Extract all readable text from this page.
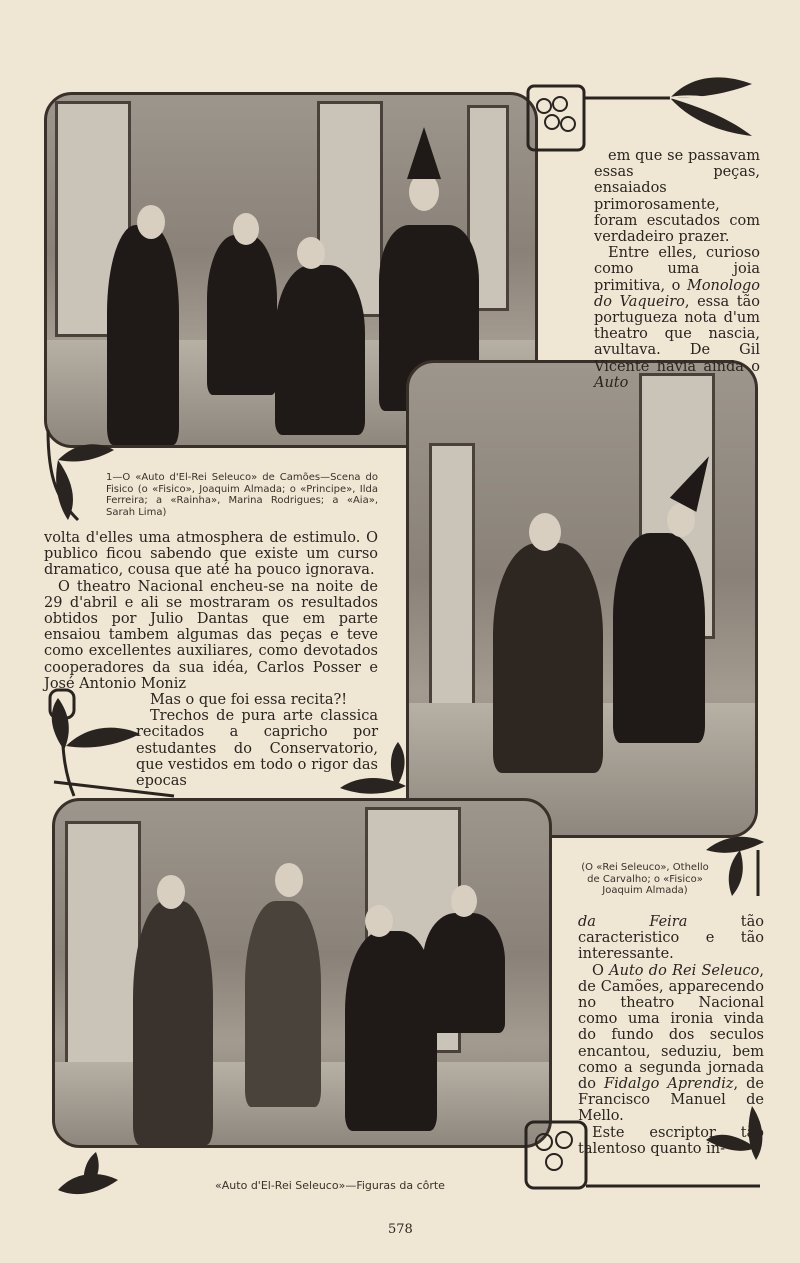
1—O «Auto d'El-Rei Seleuco» de Camões—Scena do Fisico (o «Fisico», Joaquim Almada; o «Principe», Ilda Ferreira; a «Rainha», Marina Rodrigues; a «Aia», Sarah Lima)

(O «Rei Seleuco», Othello de Carvalho; o «Fisico» Joaquim Almada)

«Auto d'El-Rei Seleuco»—Figuras da côrte

em que se passavam essas peças, ensaiados primorosamente, foram escutados com verdadeiro prazer.

Entre elles, curioso como uma joia primitiva, o Monologo do Vaqueiro, essa tão portugueza nota d'um theatro que nascia, avultava. De Gil Vicente havia ainda o Auto

volta d'elles uma atmosphera de estimulo. O publico ficou sabendo que existe um curso dramatico, cousa que até ha pouco ignorava.

O theatro Nacional encheu-se na noite de 29 d'abril e ali se mostraram os resultados obtidos por Julio Dantas que em parte ensaiou tambem algumas das peças e teve como excellentes auxiliares, como devotados cooperadores da sua idéa, Carlos Posser e José Antonio Moniz

Mas o que foi essa recita?!

Trechos de pura arte classica recitados a capricho por estudantes do Conservatorio, que vestidos em todo o rigor das epocas

da Feira tão caracteristico e tão interessante.

O Auto do Rei Seleuco, de Camões, apparecendo no theatro Nacional como uma ironia vinda do fundo dos seculos encantou, seduziu, bem como a segunda jornada do Fidalgo Aprendiz, de Francisco Manuel de Mello.

Este escriptor tão talentoso quanto in-

578
